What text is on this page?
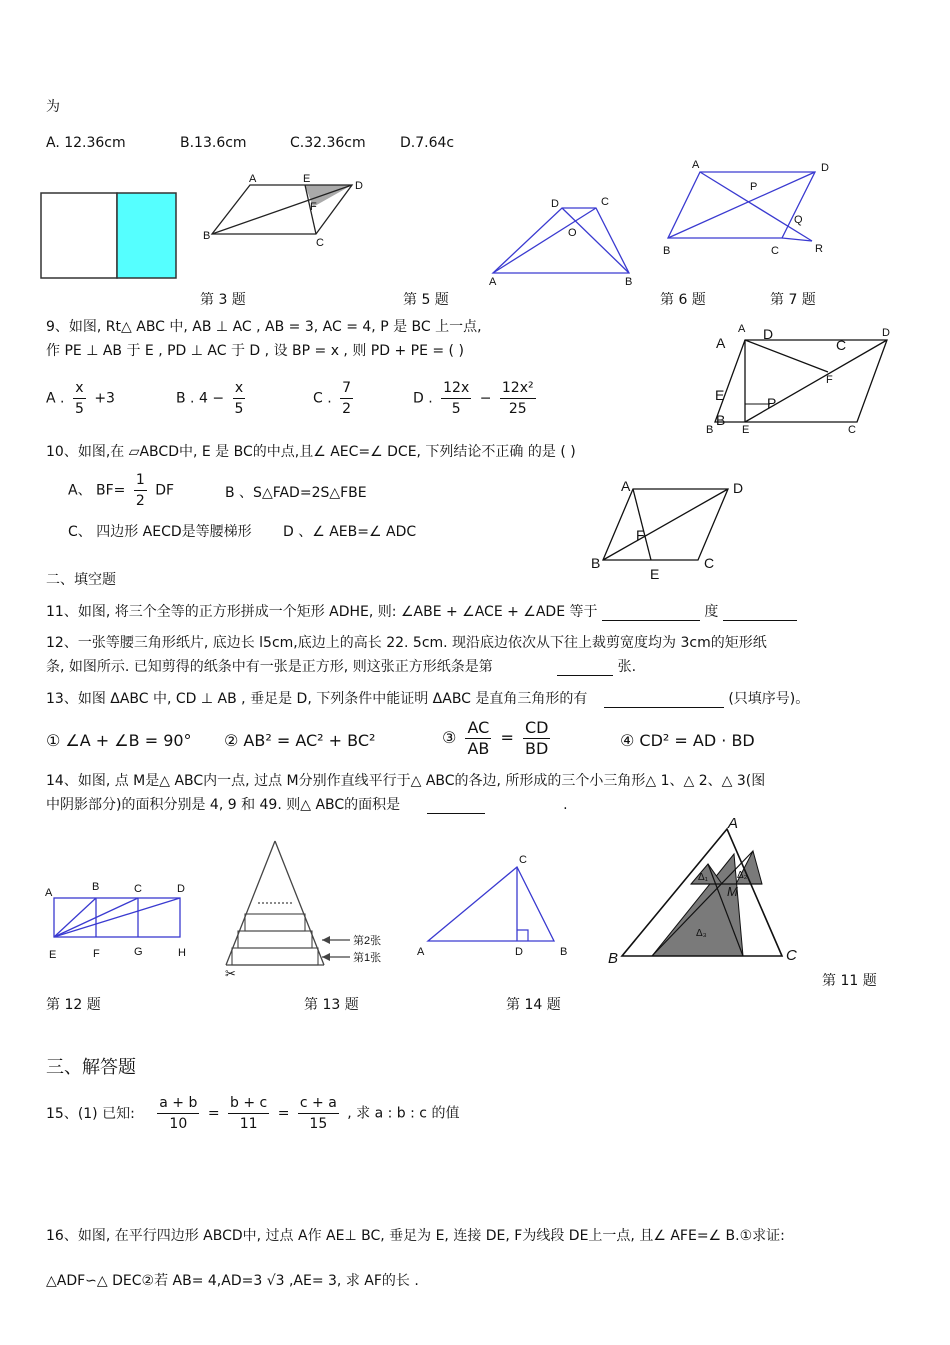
为
A. 12.36cm	B.13.6cm	C.32.36cm D.7.64c
A	E
D
F
B
C
D	C
O
A	B
A	D
P
Q
B	C	R
第 3 题	第 5 题	第 6 题	第 7 题
9、如图, Rt△ ABC 中, AB ⊥ AC , AB = 3, AC = 4, P 是 BC 上一点,
作 PE ⊥ AB 于 E , PD ⊥ AC 于 D , 设 BP = x , 则 PD + PE = ( )
A . $\frac{x}{5} +3$	B . $4 - \frac{x}{5}$	C . $\frac{7}{2}$	D . $\frac{12x}{5} - \frac{\text{12x²}}{25}$
A
A
D
C
D
F
E	P
B
B	E	C
10、如图,在 ▱ABCD中, E 是 BC的中点,且∠ AEC=∠ DCE, 下列结论不正确 的是 ( )
A、 $BF= \frac{1}{2}$ DF	B 、S△FAD=2S△FBE
C、 四边形 AECD是等腰梯形 D 、∠ AEB=∠ ADC
A	D
F
B	C
E
二、填空题
11、如图, 将三个全等的正方形拼成一个矩形 ADHE, 则: ∠ABE + ∠ACE + ∠ADE 等于	度
12、一张等腰三角形纸片, 底边长 l5cm,底边上的高长 22. 5cm. 现沿底边依次从下往上裁剪宽度均为 3cm的矩形纸
条, 如图所示. 已知剪得的纸条中有一张是正方形, 则这张正方形纸条是第	张.
13、如图 ΔABC 中, CD ⊥ AB , 垂足是 D, 下列条件中能证明 ΔABC 是直角三角形的有	(只填序号)。
① ∠A + ∠B = 90° ② AB² = AC² + BC²	③ $\frac{AC}{AB} = \frac{CD}{BD}$	④ CD² = AD · BD
14、如图, 点 M是△ ABC内一点, 过点 M分别作直线平行于△ ABC的各边, 所形成的三个小三角形△ 1、△ 2、△ 3(图
中阴影部分)的面积分别是 4, 9 和 49. 则△ ABC的面积是	.
A	B	C	D
E	F	G	H
第2张
第1张
✂
C
A	D	B
A
B	C
M
Δ₁	Δ₂
Δ₃
第 12 题	第 13 题	第 14 题
第 11 题
三、解答题
15、(1) 已知: $\frac{a + b}{10} = \frac{b + c}{11} = \frac{c + a}{15}$ , 求 a : b : c 的值
16、如图, 在平行四边形 ABCD中, 过点 A作 AE⊥ BC, 垂足为 E, 连接 DE, F为线段 DE上一点, 且∠ AFE=∠ B.①求证:
△ADF∽△ DEC②若 AB= 4,AD=3 √3 ,AE= 3, 求 AF的长 .
